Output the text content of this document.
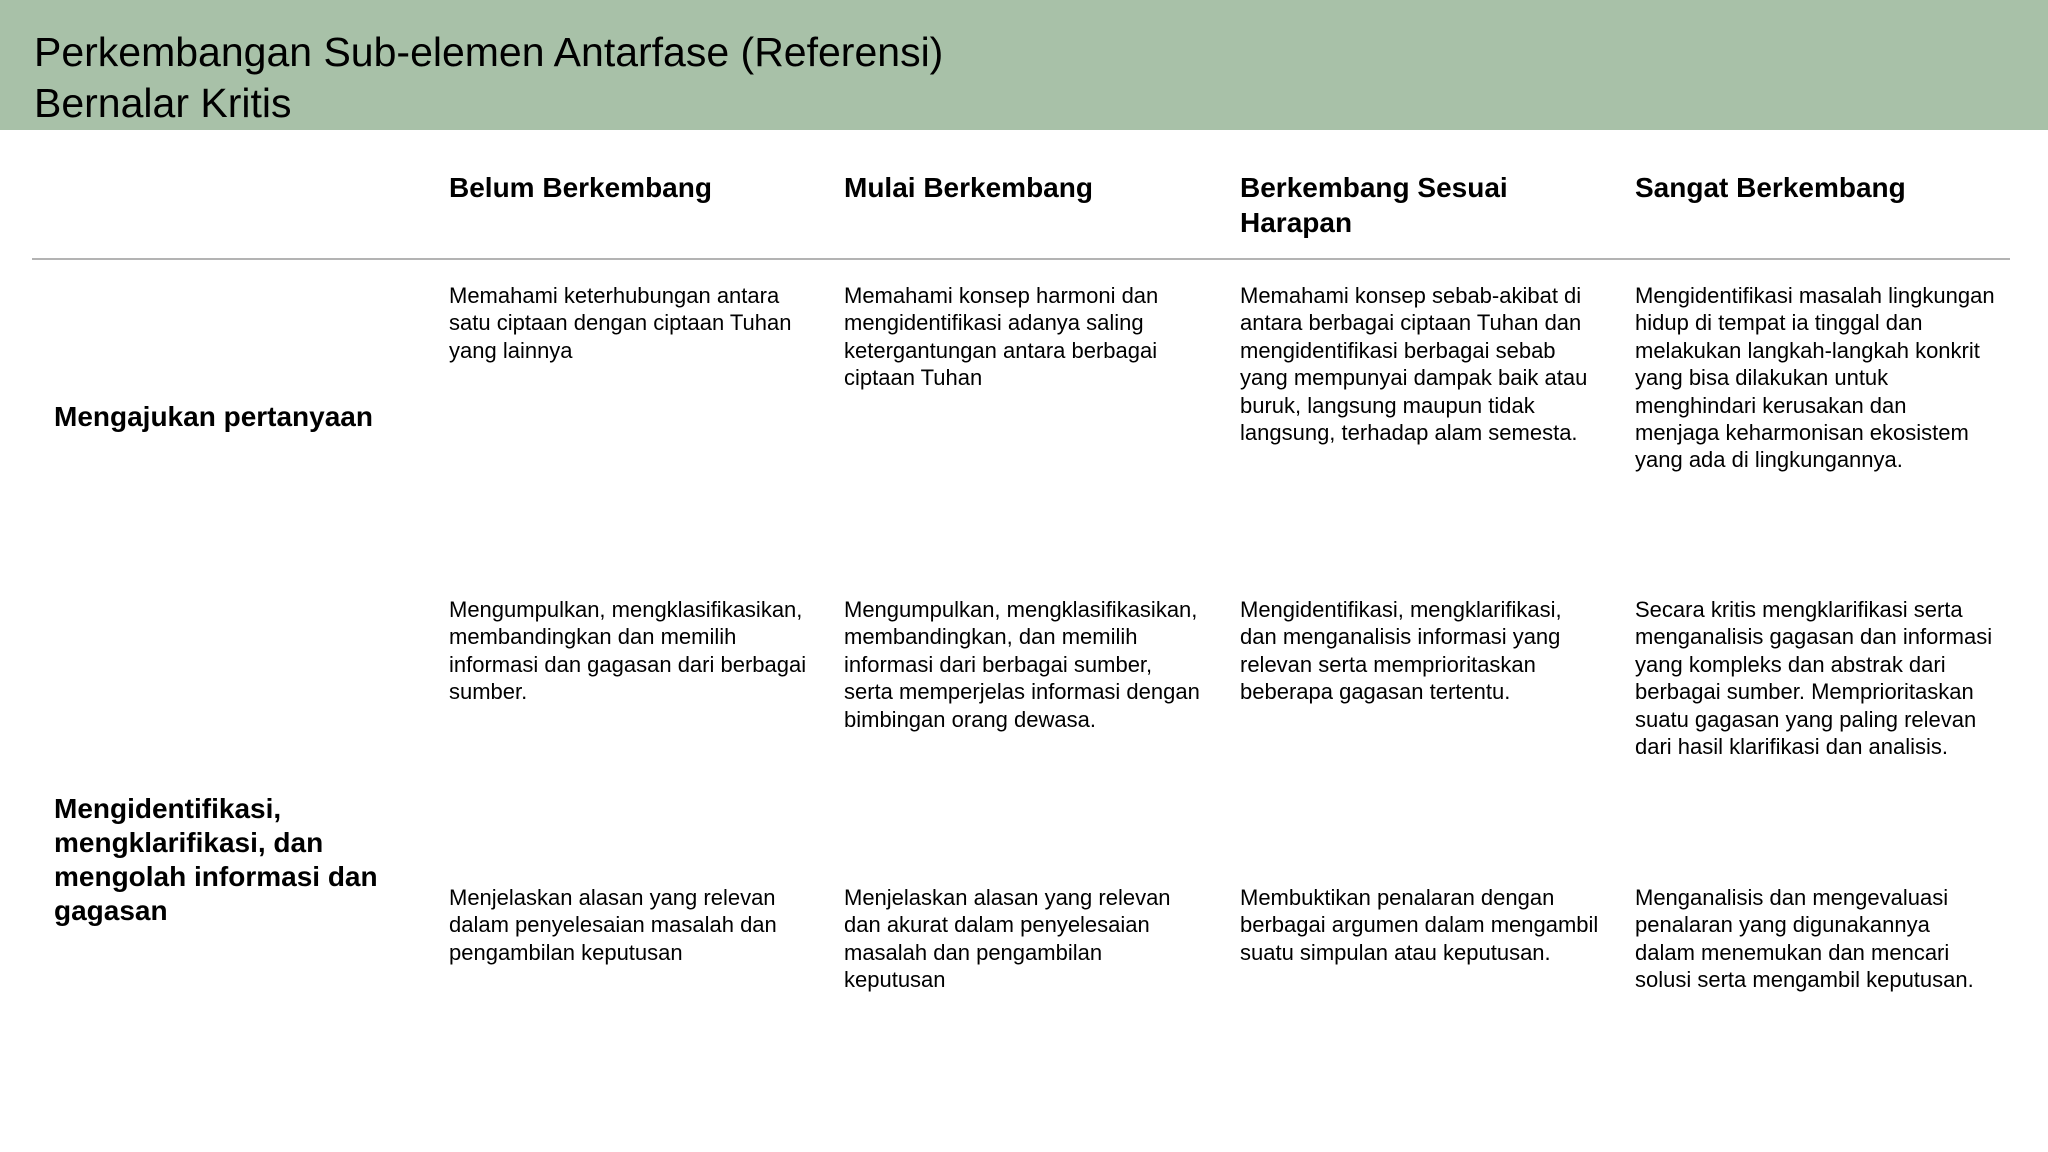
Perkembangan Sub-elemen Antarfase (Referensi)
Bernalar Kritis
Belum Berkembang	Mulai Berkembang	Berkembang Sesuai Harapan
Sangat Berkembang
Mengajukan pertanyaan
Memahami keterhubungan antara satu ciptaan dengan ciptaan Tuhan yang lainnya
Memahami konsep harmoni dan mengidentifikasi adanya saling ketergantungan antara berbagai ciptaan Tuhan
Memahami konsep sebab-akibat di antara berbagai ciptaan Tuhan dan mengidentifikasi berbagai sebab yang mempunyai dampak baik atau buruk, langsung maupun tidak langsung, terhadap alam semesta.
Mengidentifikasi masalah lingkungan hidup di tempat ia tinggal dan melakukan langkah-langkah konkrit yang bisa dilakukan untuk menghindari kerusakan dan menjaga keharmonisan ekosistem yang ada di lingkungannya.
Mengidentifikasi, mengklarifikasi, dan mengolah informasi dan gagasan
Mengumpulkan, mengklasifikasikan, membandingkan dan memilih informasi dan gagasan dari berbagai sumber.
Mengumpulkan, mengklasifikasikan, membandingkan, dan memilih informasi dari berbagai sumber, serta memperjelas informasi dengan bimbingan orang dewasa.
Mengidentifikasi, mengklarifikasi, dan menganalisis informasi yang relevan serta memprioritaskan beberapa gagasan tertentu.
Secara kritis mengklarifikasi serta menganalisis gagasan dan informasi yang kompleks dan abstrak dari berbagai sumber. Memprioritaskan suatu gagasan yang paling relevan dari hasil klarifikasi dan analisis.
Menjelaskan alasan yang relevan dalam penyelesaian masalah dan pengambilan keputusan
Menjelaskan alasan yang relevan dan akurat dalam penyelesaian masalah dan pengambilan keputusan
Membuktikan penalaran dengan berbagai argumen dalam mengambil suatu simpulan atau keputusan.
Menganalisis dan mengevaluasi penalaran yang digunakannya dalam menemukan dan mencari solusi serta mengambil keputusan.
